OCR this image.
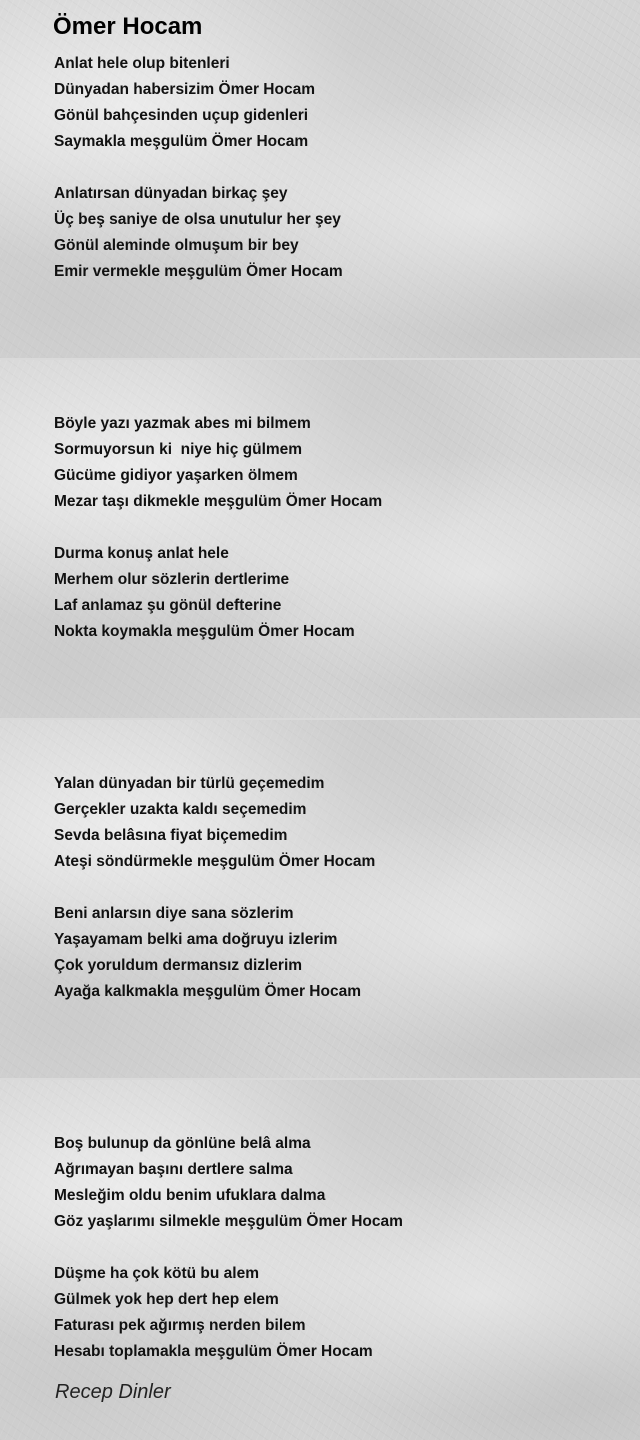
Ömer Hocam
Anlat hele olup bitenleri
Dünyadan habersizim Ömer Hocam
Gönül bahçesinden uçup gidenleri
Saymakla meşgulüm Ömer Hocam
Anlatırsan dünyadan birkaç şey
Üç beş saniye de olsa unutulur her şey
Gönül aleminde olmuşum bir bey
Emir vermekle meşgulüm Ömer Hocam
Böyle yazı yazmak abes mi bilmem
Sormuyorsun ki  niye hiç gülmem
Gücüme gidiyor yaşarken ölmem
Mezar taşı dikmekle meşgulüm Ömer Hocam
Durma konuş anlat hele
Merhem olur sözlerin dertlerime
Laf anlamaz şu gönül defterine
Nokta koymakla meşgulüm Ömer Hocam
Yalan dünyadan bir türlü geçemedim
Gerçekler uzakta kaldı seçemedim
Sevda belâsına fiyat biçemedim
Ateşi söndürmekle meşgulüm Ömer Hocam
Beni anlarsın diye sana sözlerim
Yaşayamam belki ama doğruyu izlerim
Çok yoruldum dermansız dizlerim
Ayağa kalkmakla meşgulüm Ömer Hocam
Boş bulunup da gönlüne belâ alma
Ağrımayan başını dertlere salma
Mesleğim oldu benim ufuklara dalma
Göz yaşlarımı silmekle meşgulüm Ömer Hocam
Düşme ha çok kötü bu alem
Gülmek yok hep dert hep elem
Faturası pek ağırmış nerden bilem
Hesabı toplamakla meşgulüm Ömer Hocam

Recep Dinler
